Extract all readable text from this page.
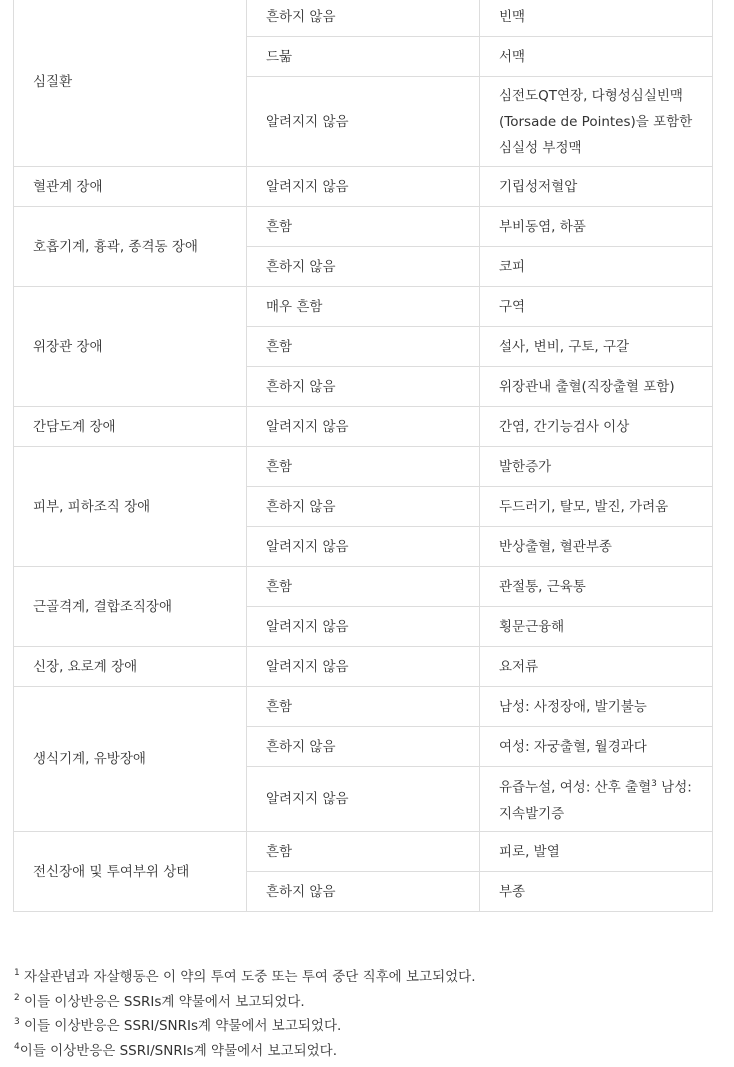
심질환	흔하지 않음	빈맥
	드묾	서맥
	알려지지 않음	심전도QT연장, 다형성심실빈맥(Torsade de Pointes)을 포함한 심실성 부정맥
혈관계 장애	알려지지 않음	기립성저혈압
호흡기계, 흉곽, 종격동 장애	흔함	부비동염, 하품
	흔하지 않음	코피
위장관 장애	매우 흔함	구역
	흔함	설사, 변비, 구토, 구갈
	흔하지 않음	위장관내 출혈(직장출혈 포함)
간담도계 장애	알려지지 않음	간염, 간기능검사 이상
피부, 피하조직 장애	흔함	발한증가
	흔하지 않음	두드러기, 탈모, 발진, 가려움
	알려지지 않음	반상출혈, 혈관부종
근골격계, 결합조직장애	흔함	관절통, 근육통
	알려지지 않음	횡문근융해
신장, 요로계 장애	알려지지 않음	요저류
생식기계, 유방장애	흔함	남성: 사정장애, 발기불능
	흔하지 않음	여성: 자궁출혈, 월경과다
	알려지지 않음	유즙누설, 여성: 산후 출혈$^3$ 남성: 지속발기증
전신장애 및 투여부위 상태	흔함	피로, 발열
	흔하지 않음	부종
$^1$ 자살관념과 자살행동은 이 약의 투여 도중 또는 투여 중단 직후에 보고되었다.
$^2$ 이들 이상반응은 SSRIs계 약물에서 보고되었다.
$^3$ 이들 이상반응은 SSRI/SNRIs계 약물에서 보고되었다.
$^4$이들 이상반응은 SSRI/SNRIs계 약물에서 보고되었다.
